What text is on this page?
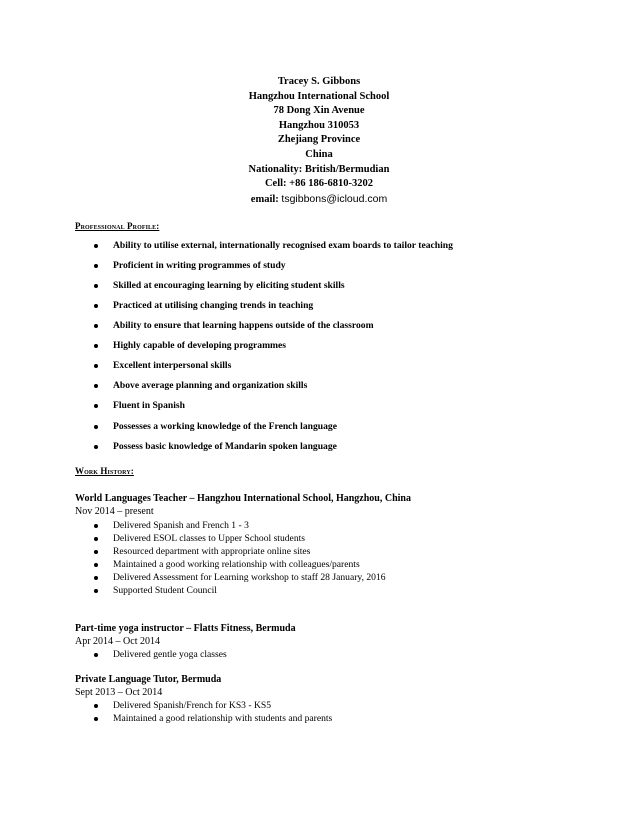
Tracey S. Gibbons
Hangzhou International School
78 Dong Xin Avenue
Hangzhou 310053
Zhejiang Province
China
Nationality: British/Bermudian
Cell: +86 186-6810-3202
email: tsgibbons@icloud.com
Professional Profile:
Ability to utilise external, internationally recognised exam boards to tailor teaching
Proficient in writing programmes of study
Skilled at encouraging learning by eliciting student skills
Practiced at utilising changing trends in teaching
Ability to ensure that learning happens outside of the classroom
Highly capable of developing programmes
Excellent interpersonal skills
Above average planning and organization skills
Fluent in Spanish
Possesses a working knowledge of the French language
Possess basic knowledge of Mandarin spoken language
Work History:
World Languages Teacher – Hangzhou International School, Hangzhou, China
Nov 2014 – present
Delivered Spanish and French 1 - 3
Delivered ESOL classes to Upper School students
Resourced department with appropriate online sites
Maintained a good working relationship with colleagues/parents
Delivered Assessment for Learning workshop to staff 28 January, 2016
Supported Student Council
Part-time yoga instructor – Flatts Fitness, Bermuda
Apr 2014 – Oct 2014
Delivered gentle yoga classes
Private Language Tutor, Bermuda
Sept 2013 – Oct 2014
Delivered Spanish/French for KS3 - KS5
Maintained a good relationship with students and parents
